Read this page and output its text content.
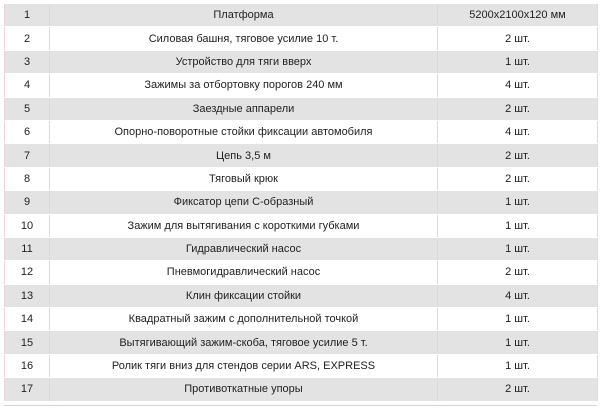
1	Платформа	5200x2100x120 мм
2	Силовая башня, тяговое усилие 10 т.	2 шт.
3	Устройство для тяги вверх	1 шт.
4	Зажимы за отбортовку порогов 240 мм	4 шт.
5	Заездные аппарели	2 шт.
6	Опорно-поворотные стойки фиксации автомобиля	4 шт.
7	Цепь 3,5 м	2 шт.
8	Тяговый крюк	2 шт.
9	Фиксатор цепи С-образный	1 шт.
10	Зажим для вытягивания с короткими губками	1 шт.
11	Гидравлический насос	1 шт.
12	Пневмогидравлический насос	2 шт.
13	Клин фиксации стойки	4 шт.
14	Квадратный зажим с дополнительной точкой	1 шт.
15	Вытягивающий зажим-скоба, тяговое усилие 5 т.	1 шт.
16	Ролик тяги вниз для стендов серии ARS, EXPRESS	1 шт.
17	Противоткатные упоры	2 шт.
